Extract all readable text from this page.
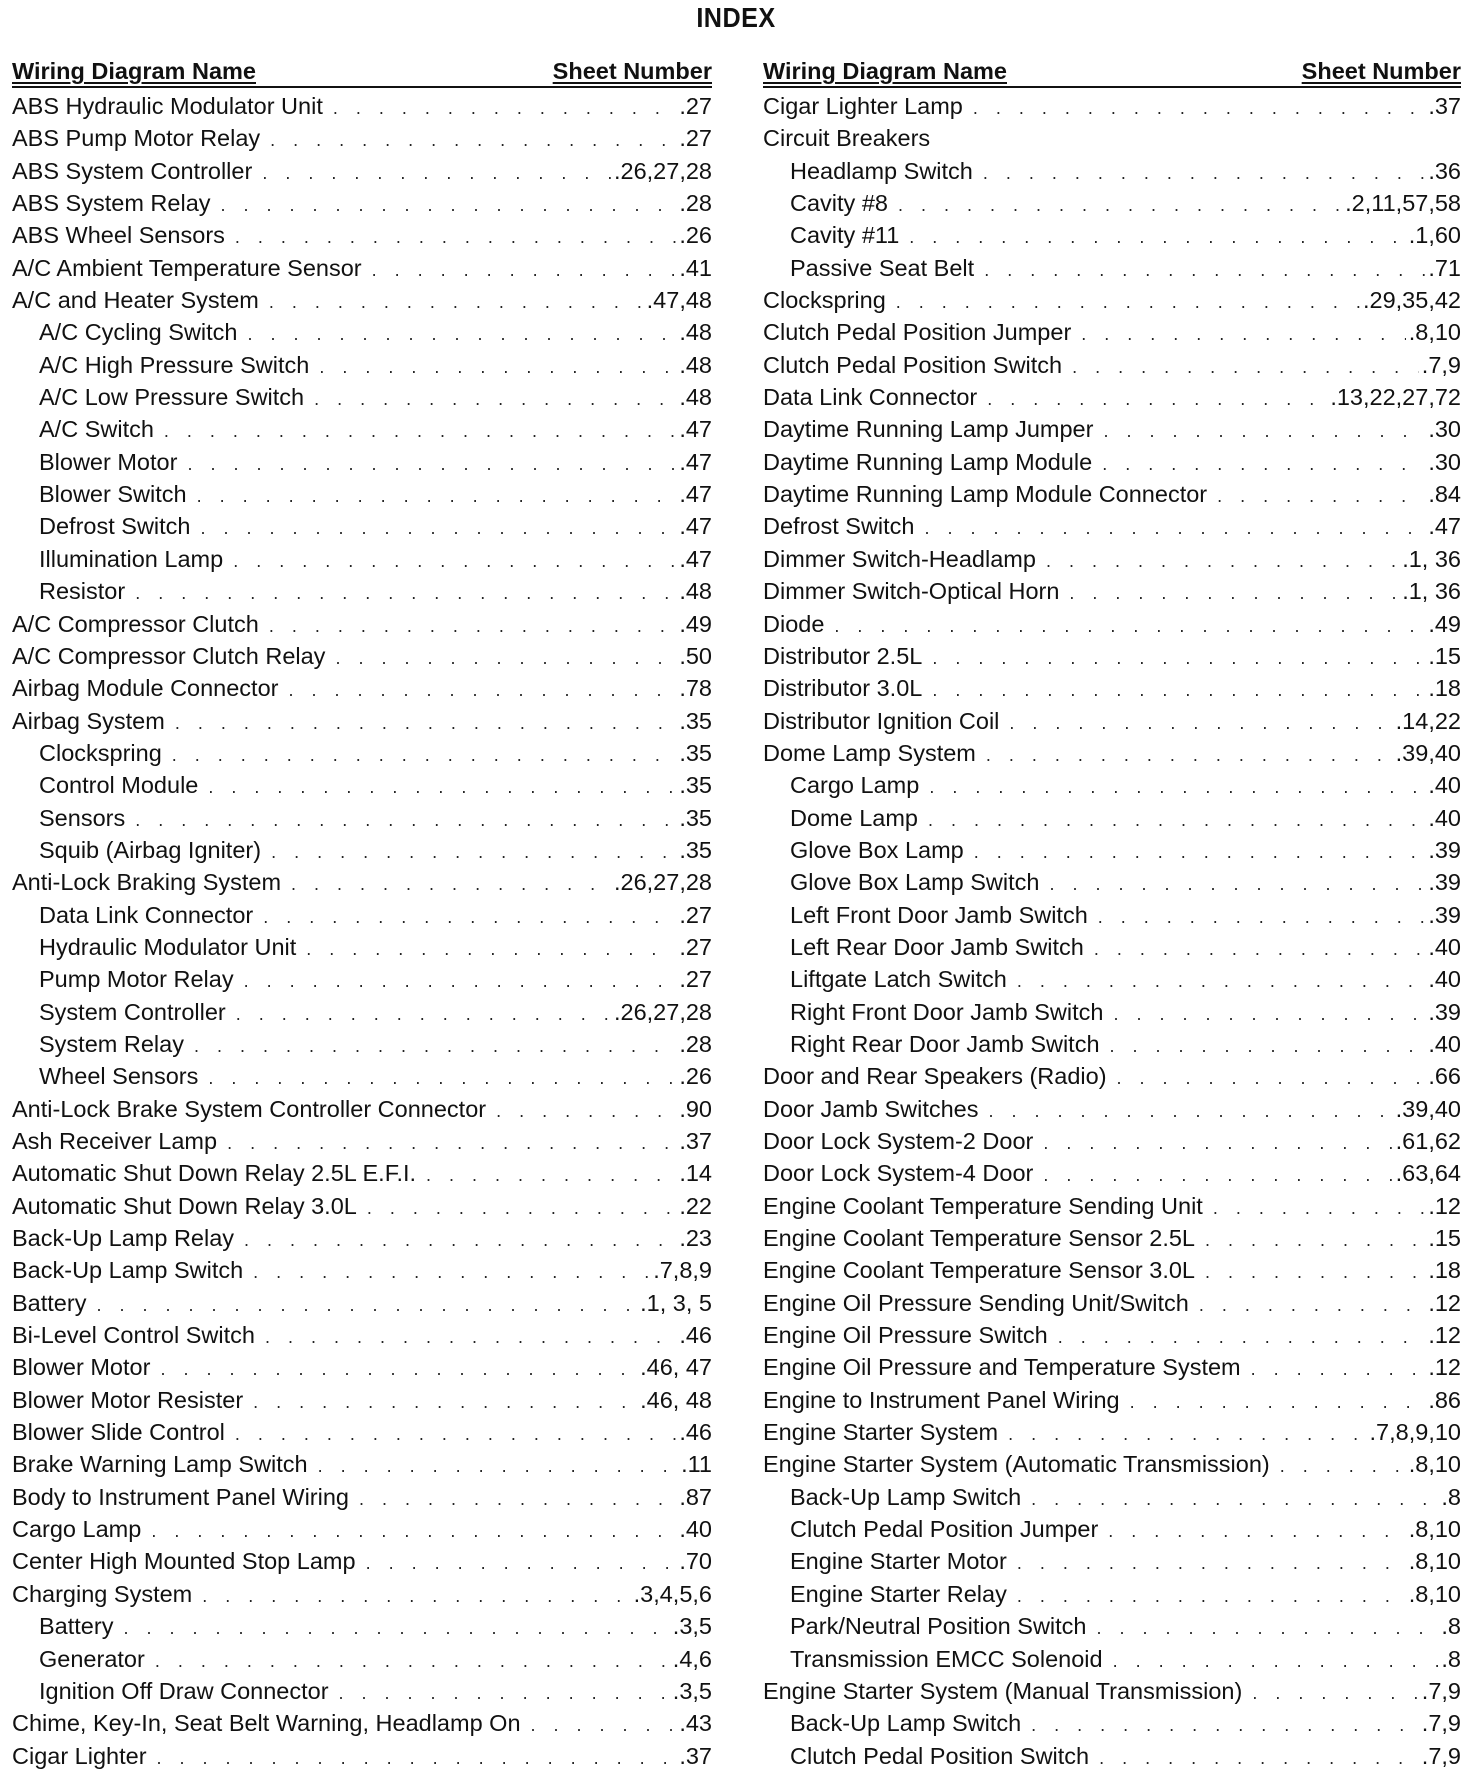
INDEX
Wiring Diagram Name	Sheet Number
ABS Hydraulic Modulator Unit . . .	.27
ABS Pump Motor Relay . . .	.27
ABS System Controller . . .	.26,27,28
ABS System Relay . . .	.28
ABS Wheel Sensors . . .	.26
A/C Ambient Temperature Sensor . . .	.41
A/C and Heater System . . .	.47,48
A/C Cycling Switch . . .	.48
A/C High Pressure Switch . . .	.48
A/C Low Pressure Switch . . .	.48
A/C Switch . . .	.47
Blower Motor . . .	.47
Blower Switch . . .	.47
Defrost Switch . . .	.47
Illumination Lamp . . .	.47
Resistor . . .	.48
A/C Compressor Clutch . . .	.49
A/C Compressor Clutch Relay . . .	.50
Airbag Module Connector . . .	.78
Airbag System . . .	.35
Clockspring . . .	.35
Control Module . . .	.35
Sensors . . .	.35
Squib (Airbag Igniter) . . .	.35
Anti-Lock Braking System . . .	.26,27,28
Data Link Connector . . .	.27
Hydraulic Modulator Unit . . .	.27
Pump Motor Relay . . .	.27
System Controller . . .	.26,27,28
System Relay . . .	.28
Wheel Sensors . . .	.26
Anti-Lock Brake System Controller Connector . . .	.90
Ash Receiver Lamp . . .	.37
Automatic Shut Down Relay 2.5L E.F.I. . . .	.14
Automatic Shut Down Relay 3.0L . . .	.22
Back-Up Lamp Relay . . .	.23
Back-Up Lamp Switch . . .	.7,8,9
Battery . . .	.1, 3, 5
Bi-Level Control Switch . . .	.46
Blower Motor . . .	.46, 47
Blower Motor Resister . . .	.46, 48
Blower Slide Control . . .	.46
Brake Warning Lamp Switch . . .	.11
Body to Instrument Panel Wiring . . .	.87
Cargo Lamp . . .	.40
Center High Mounted Stop Lamp . . .	.70
Charging System . . .	.3,4,5,6
Battery . . .	.3,5
Generator . . .	.4,6
Ignition Off Draw Connector . . .	.3,5
Chime, Key-In, Seat Belt Warning, Headlamp On . . .	.43
Cigar Lighter . . .	.37
Wiring Diagram Name	Sheet Number
Cigar Lighter Lamp . . .	.37
Circuit Breakers
Headlamp Switch . . .	.36
Cavity #8 . . .	.2,11,57,58
Cavity #11 . . .	.1,60
Passive Seat Belt . . .	.71
Clockspring . . .	.29,35,42
Clutch Pedal Position Jumper . . .	.8,10
Clutch Pedal Position Switch . . .	.7,9
Data Link Connector . . .	.13,22,27,72
Daytime Running Lamp Jumper . . .	.30
Daytime Running Lamp Module . . .	.30
Daytime Running Lamp Module Connector . . .	.84
Defrost Switch . . .	.47
Dimmer Switch-Headlamp . . .	.1, 36
Dimmer Switch-Optical Horn . . .	.1, 36
Diode . . .	.49
Distributor 2.5L . . .	.15
Distributor 3.0L . . .	.18
Distributor Ignition Coil . . .	.14,22
Dome Lamp System . . .	.39,40
Cargo Lamp . . .	.40
Dome Lamp . . .	.40
Glove Box Lamp . . .	.39
Glove Box Lamp Switch . . .	.39
Left Front Door Jamb Switch . . .	.39
Left Rear Door Jamb Switch . . .	.40
Liftgate Latch Switch . . .	.40
Right Front Door Jamb Switch . . .	.39
Right Rear Door Jamb Switch . . .	.40
Door and Rear Speakers (Radio) . . .	.66
Door Jamb Switches . . .	.39,40
Door Lock System-2 Door . . .	.61,62
Door Lock System-4 Door . . .	.63,64
Engine Coolant Temperature Sending Unit . . .	.12
Engine Coolant Temperature Sensor 2.5L . . .	.15
Engine Coolant Temperature Sensor 3.0L . . .	.18
Engine Oil Pressure Sending Unit/Switch . . .	.12
Engine Oil Pressure Switch . . .	.12
Engine Oil Pressure and Temperature System . . .	.12
Engine to Instrument Panel Wiring . . .	.86
Engine Starter System . . .	.7,8,9,10
Engine Starter System (Automatic Transmission) . . .	.8,10
Back-Up Lamp Switch . . .	.8
Clutch Pedal Position Jumper . . .	.8,10
Engine Starter Motor . . .	.8,10
Engine Starter Relay . . .	.8,10
Park/Neutral Position Switch . . .	.8
Transmission EMCC Solenoid . . .	.8
Engine Starter System (Manual Transmission) . . .	.7,9
Back-Up Lamp Switch . . .	.7,9
Clutch Pedal Position Switch . . .	.7,9
